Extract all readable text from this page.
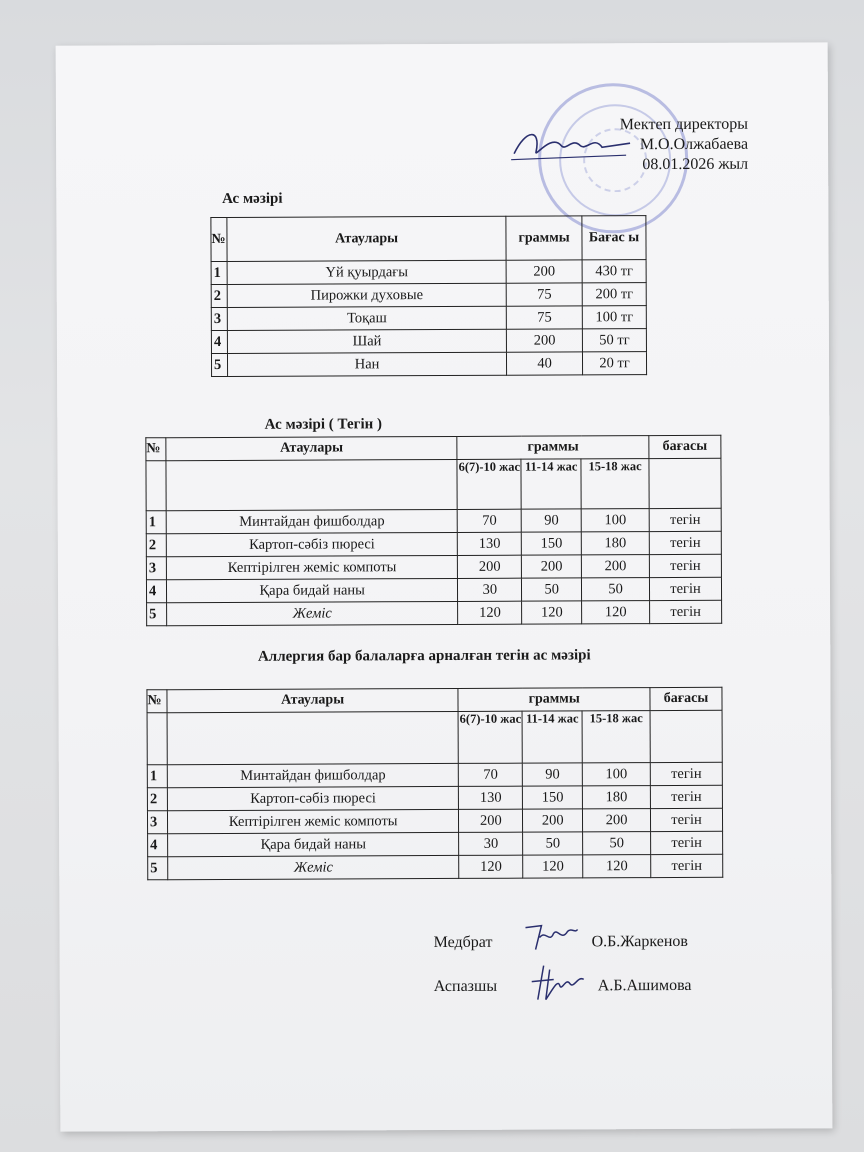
Мектеп директоры
М.О.Олжабаева
08.01.2026 жыл
Ас мәзірі
№	Атаулары	граммы	Бағас ы
1	Үй қуырдағы	200	430 тг
2	Пирожки духовые	75	200 тг
3	Тоқаш	75	100 тг
4	Шай	200	50 тг
5	Нан	40	20 тг
Ас мәзірі ( Тегін )
№	Атаулары	граммы			бағасы

		6(7)-10 жас	11-14 жас	15-18 жас	

1	Минтайдан фишболдар	70	90	100	тегін
2	Картоп-сәбіз пюресі	130	150	180	тегін
3	Кептірілген жеміс компоты	200	200	200	тегін
4	Қара бидай наны	30	50	50	тегін
5	Жеміс	120	120	120	тегін
Аллергия бар балаларға арналған тегін ас мәзірі
№	Атаулары	граммы			бағасы

		6(7)-10 жас	11-14 жас	15-18 жас	

1	Минтайдан фишболдар	70	90	100	тегін
2	Картоп-сәбіз пюресі	130	150	180	тегін
3	Кептірілген жеміс компоты	200	200	200	тегін
4	Қара бидай наны	30	50	50	тегін
5	Жеміс	120	120	120	тегін
Медбрат	О.Б.Жаркенов
Аспазшы	А.Б.Ашимова
